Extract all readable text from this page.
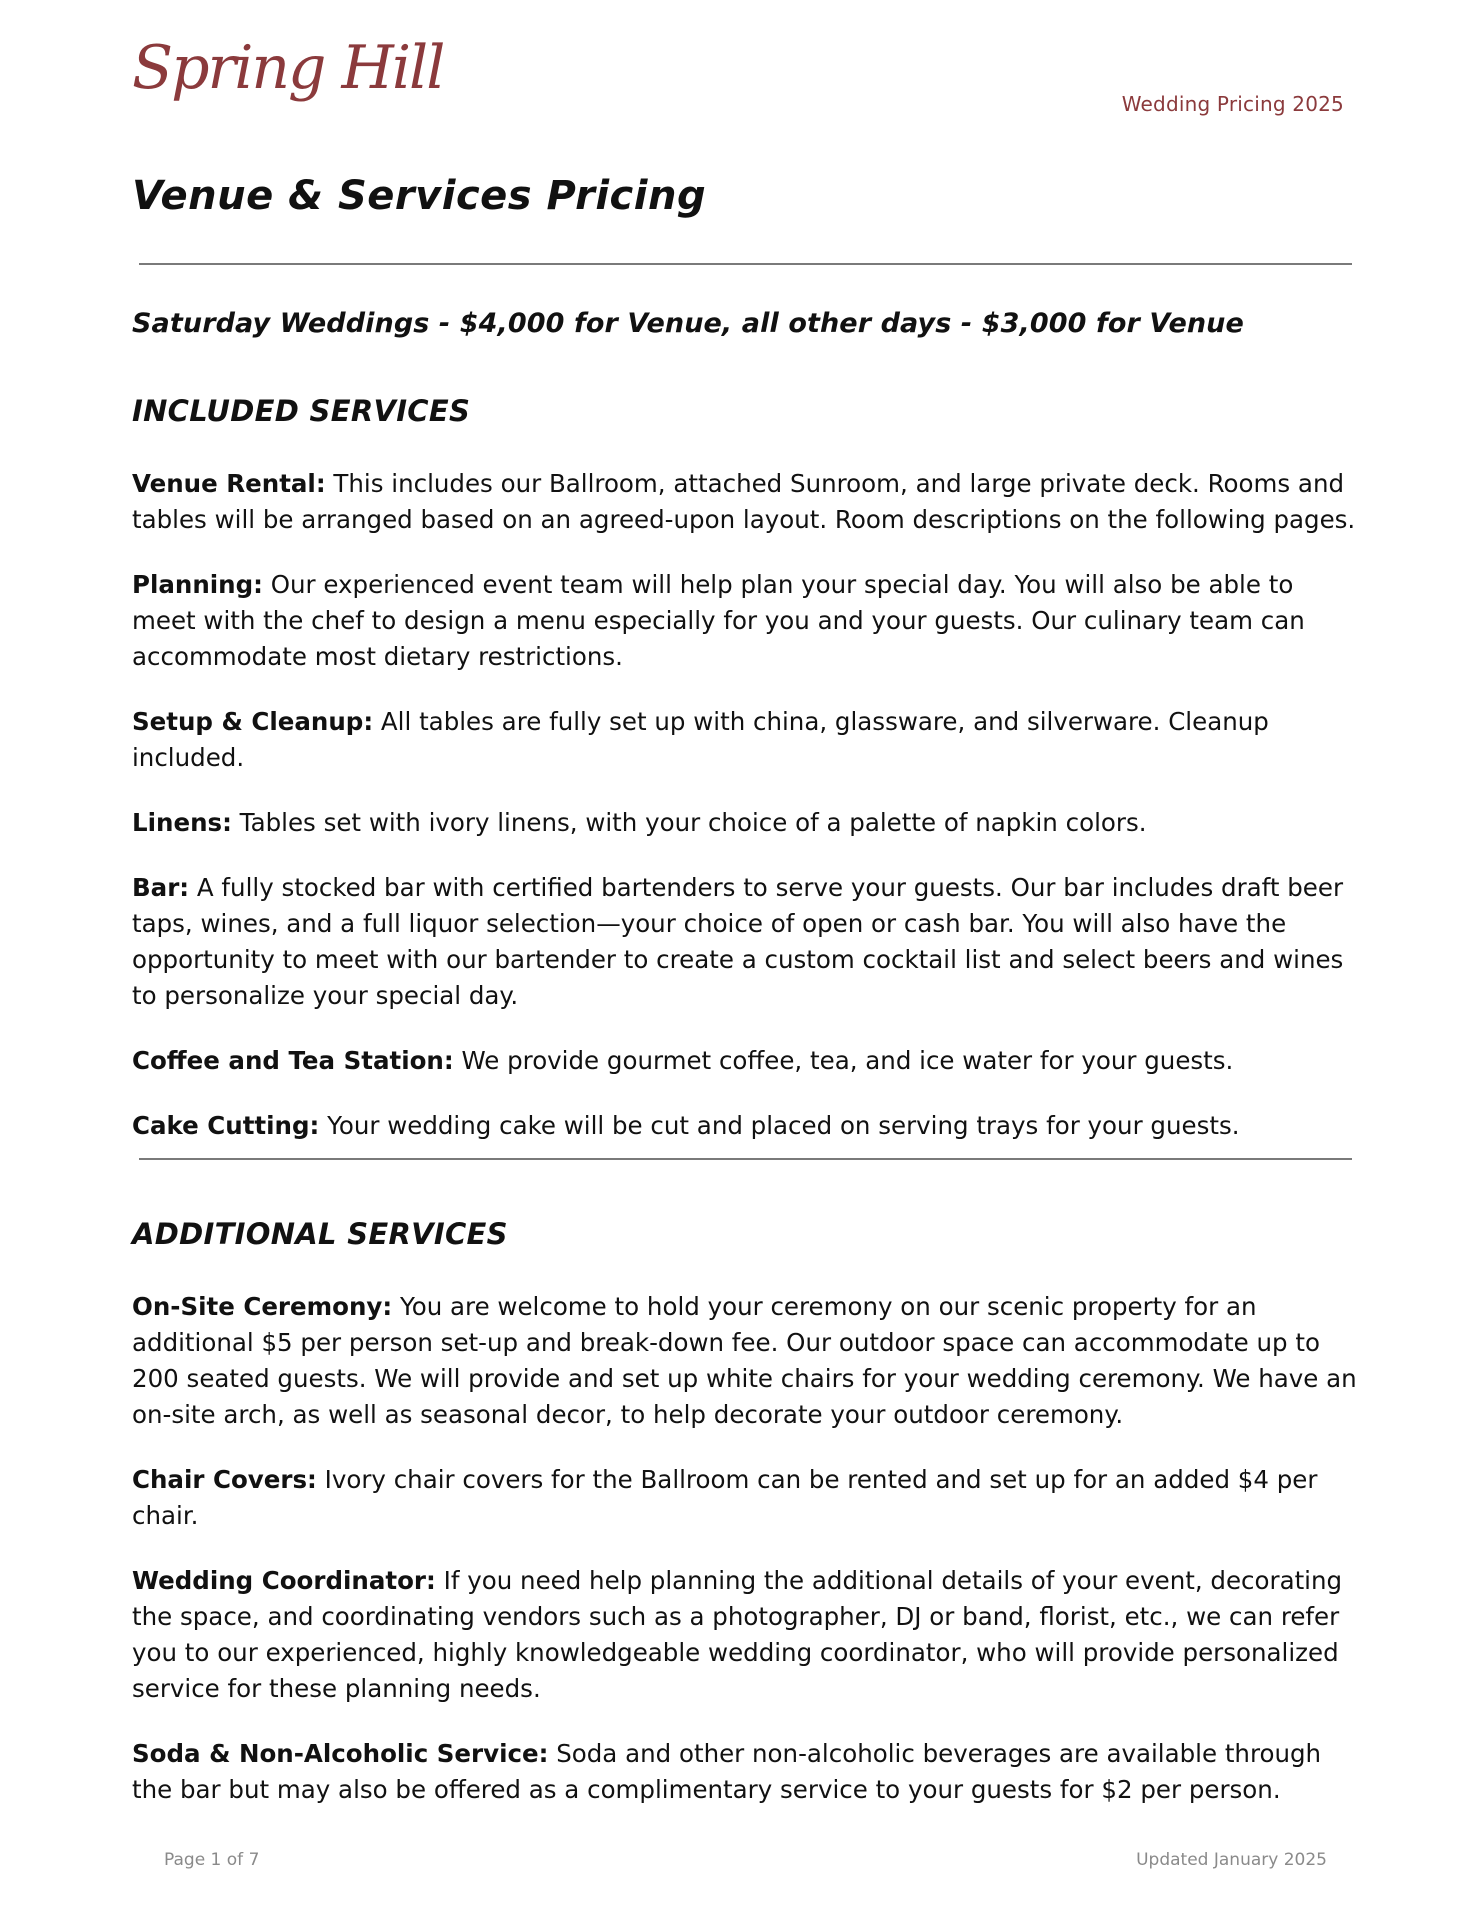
Spring Hill
Wedding Pricing 2025
Venue & Services Pricing
Saturday Weddings - $4,000 for Venue, all other days - $3,000 for Venue
INCLUDED SERVICES

Venue Rental: This includes our Ballroom, attached Sunroom, and large private deck. Rooms and tables will be arranged based on an agreed-upon layout. Room descriptions on the following pages.

Planning: Our experienced event team will help plan your special day. You will also be able to meet with the chef to design a menu especially for you and your guests. Our culinary team can accommodate most dietary restrictions.

Setup & Cleanup: All tables are fully set up with china, glassware, and silverware. Cleanup included.

Linens: Tables set with ivory linens, with your choice of a palette of napkin colors.

Bar: A fully stocked bar with certified bartenders to serve your guests. Our bar includes draft beer taps, wines, and a full liquor selection—your choice of open or cash bar. You will also have the opportunity to meet with our bartender to create a custom cocktail list and select beers and wines to personalize your special day.

Coffee and Tea Station: We provide gourmet coffee, tea, and ice water for your guests.

Cake Cutting: Your wedding cake will be cut and placed on serving trays for your guests.

ADDITIONAL SERVICES

On-Site Ceremony: You are welcome to hold your ceremony on our scenic property for an additional $5 per person set-up and break-down fee. Our outdoor space can accommodate up to 200 seated guests. We will provide and set up white chairs for your wedding ceremony. We have an on-site arch, as well as seasonal decor, to help decorate your outdoor ceremony.

Chair Covers: Ivory chair covers for the Ballroom can be rented and set up for an added $4 per chair.

Wedding Coordinator: If you need help planning the additional details of your event, decorating the space, and coordinating vendors such as a photographer, DJ or band, florist, etc., we can refer you to our experienced, highly knowledgeable wedding coordinator, who will provide personalized service for these planning needs.

Soda & Non-Alcoholic Service: Soda and other non-alcoholic beverages are available through the bar but may also be offered as a complimentary service to your guests for $2 per person.

Page 1 of 7	Updated January 2025
